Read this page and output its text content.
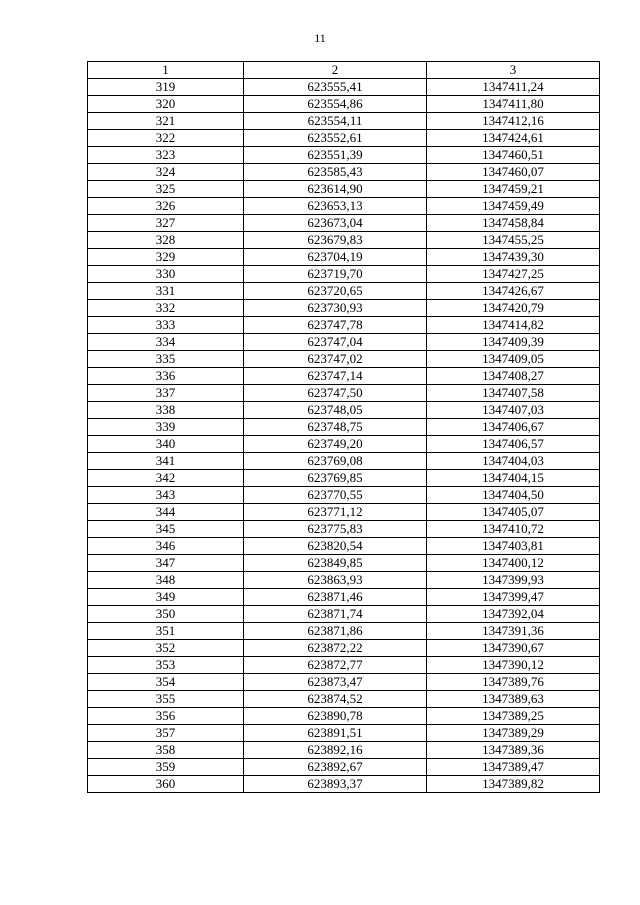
11
1	2	3
319	623555,41	1347411,24
320	623554,86	1347411,80
321	623554,11	1347412,16
322	623552,61	1347424,61
323	623551,39	1347460,51
324	623585,43	1347460,07
325	623614,90	1347459,21
326	623653,13	1347459,49
327	623673,04	1347458,84
328	623679,83	1347455,25
329	623704,19	1347439,30
330	623719,70	1347427,25
331	623720,65	1347426,67
332	623730,93	1347420,79
333	623747,78	1347414,82
334	623747,04	1347409,39
335	623747,02	1347409,05
336	623747,14	1347408,27
337	623747,50	1347407,58
338	623748,05	1347407,03
339	623748,75	1347406,67
340	623749,20	1347406,57
341	623769,08	1347404,03
342	623769,85	1347404,15
343	623770,55	1347404,50
344	623771,12	1347405,07
345	623775,83	1347410,72
346	623820,54	1347403,81
347	623849,85	1347400,12
348	623863,93	1347399,93
349	623871,46	1347399,47
350	623871,74	1347392,04
351	623871,86	1347391,36
352	623872,22	1347390,67
353	623872,77	1347390,12
354	623873,47	1347389,76
355	623874,52	1347389,63
356	623890,78	1347389,25
357	623891,51	1347389,29
358	623892,16	1347389,36
359	623892,67	1347389,47
360	623893,37	1347389,82
